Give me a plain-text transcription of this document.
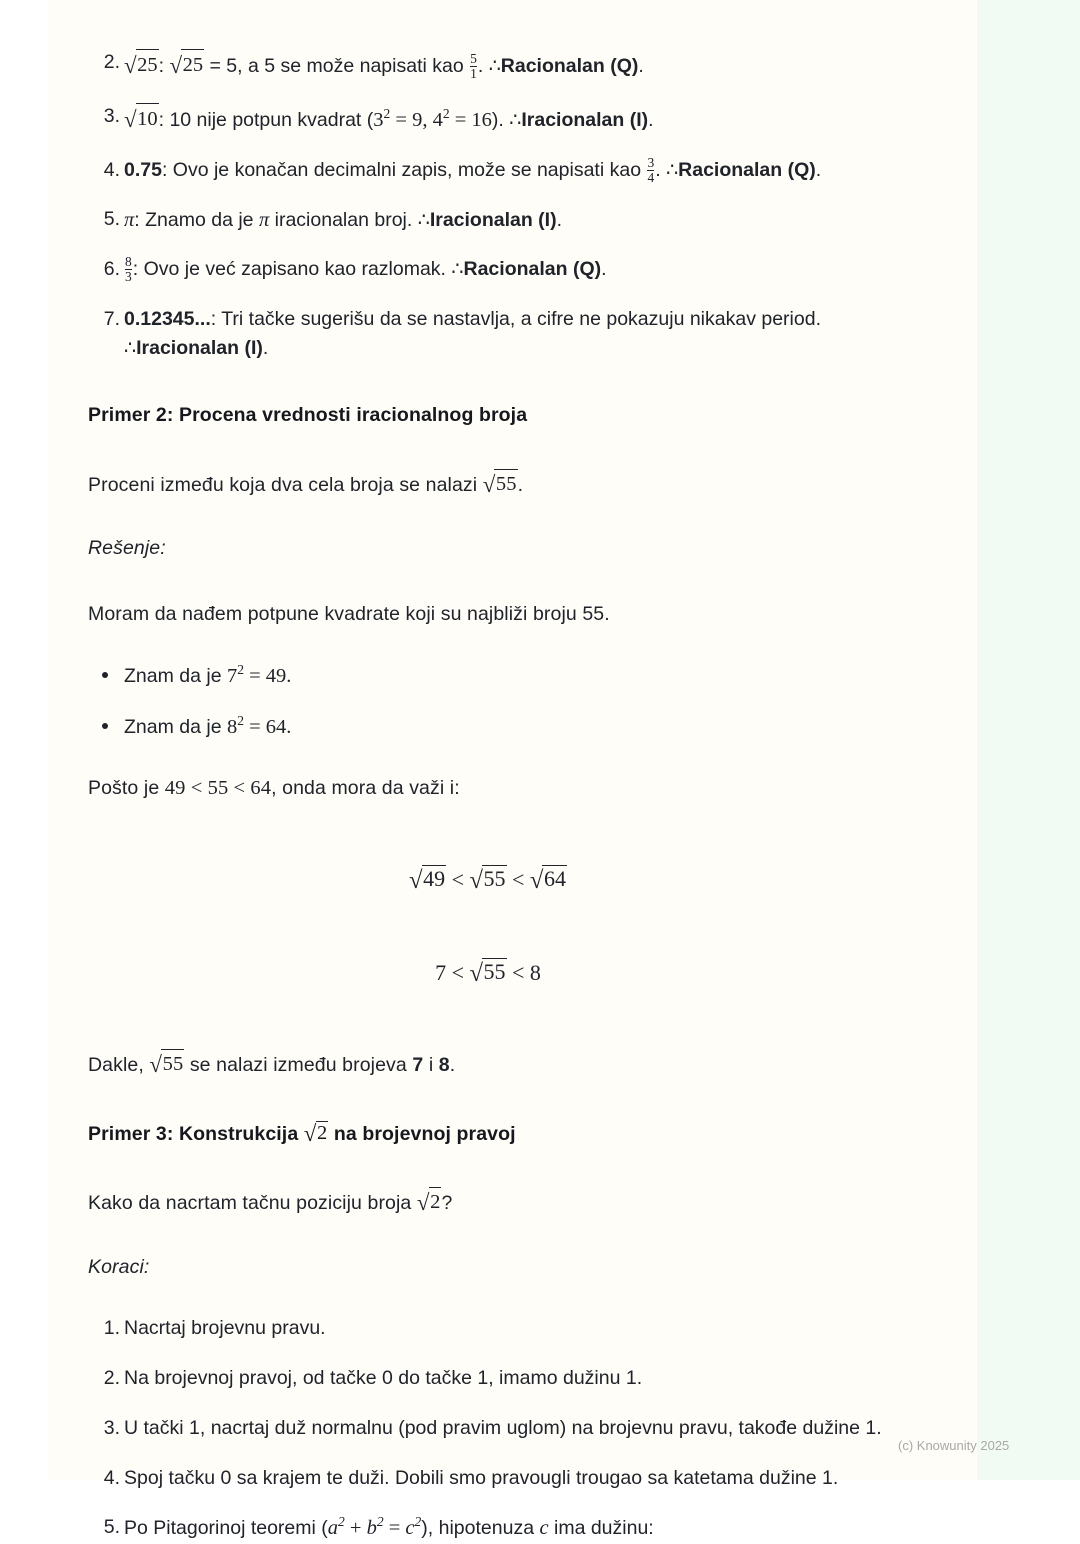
2. √25: √25 = 5, a 5 se može napisati kao $\frac{5}{1}$ . ∴Racionalan (Q).
3. √10: 10 nije potpun kvadrat ($3^2 = 9$, $4^2 = 16$). ∴Iracionalan (I).
4. 0.75: Ovo je konačan decimalni zapis, može se napisati kao $\frac{3}{4}$ . ∴Racionalan (Q).
5. π: Znamo da je π iracionalan broj. ∴Iracionalan (I).
6. $\frac{8}{3}$ : Ovo je već zapisano kao razlomak. ∴Racionalan (Q).
7. 0.12345...: Tri tačke sugerišu da se nastavlja, a cifre ne pokazuju nikakav period. ∴Iracionalan (I).
Primer 2: Procena vrednosti iracionalnog broja

Proceni između koja dva cela broja se nalazi √55.

Rešenje:

Moram da nađem potpune kvadrate koji su najbliži broju 55.

Znam da je $7^2 = 49$.
Znam da je $8^2 = 64$.

Pošto je 49 < 55 < 64, onda mora da važi i:

√49 < √55 < √64
7 < √55 < 8

Dakle, √55 se nalazi između brojeva 7 i 8.

Primer 3: Konstrukcija √2 na brojevnoj pravoj

Kako da nacrtam tačnu poziciju broja √2?

Koraci:

1. Nacrtaj brojevnu pravu.
2. Na brojevnoj pravoj, od tačke 0 do tačke 1, imamo dužinu 1.
3. U tački 1, nacrtaj duž normalnu (pod pravim uglom) na brojevnu pravu, takođe dužine 1.
4. Spoj tačku 0 sa krajem te duži. Dobili smo pravougli trougao sa katetama dužine 1.
5. Po Pitagorinoj teoremi $(a^2 + b^2 = c^2)$, hipotenuza c ima dužinu:
(c) Knowunity 2025
